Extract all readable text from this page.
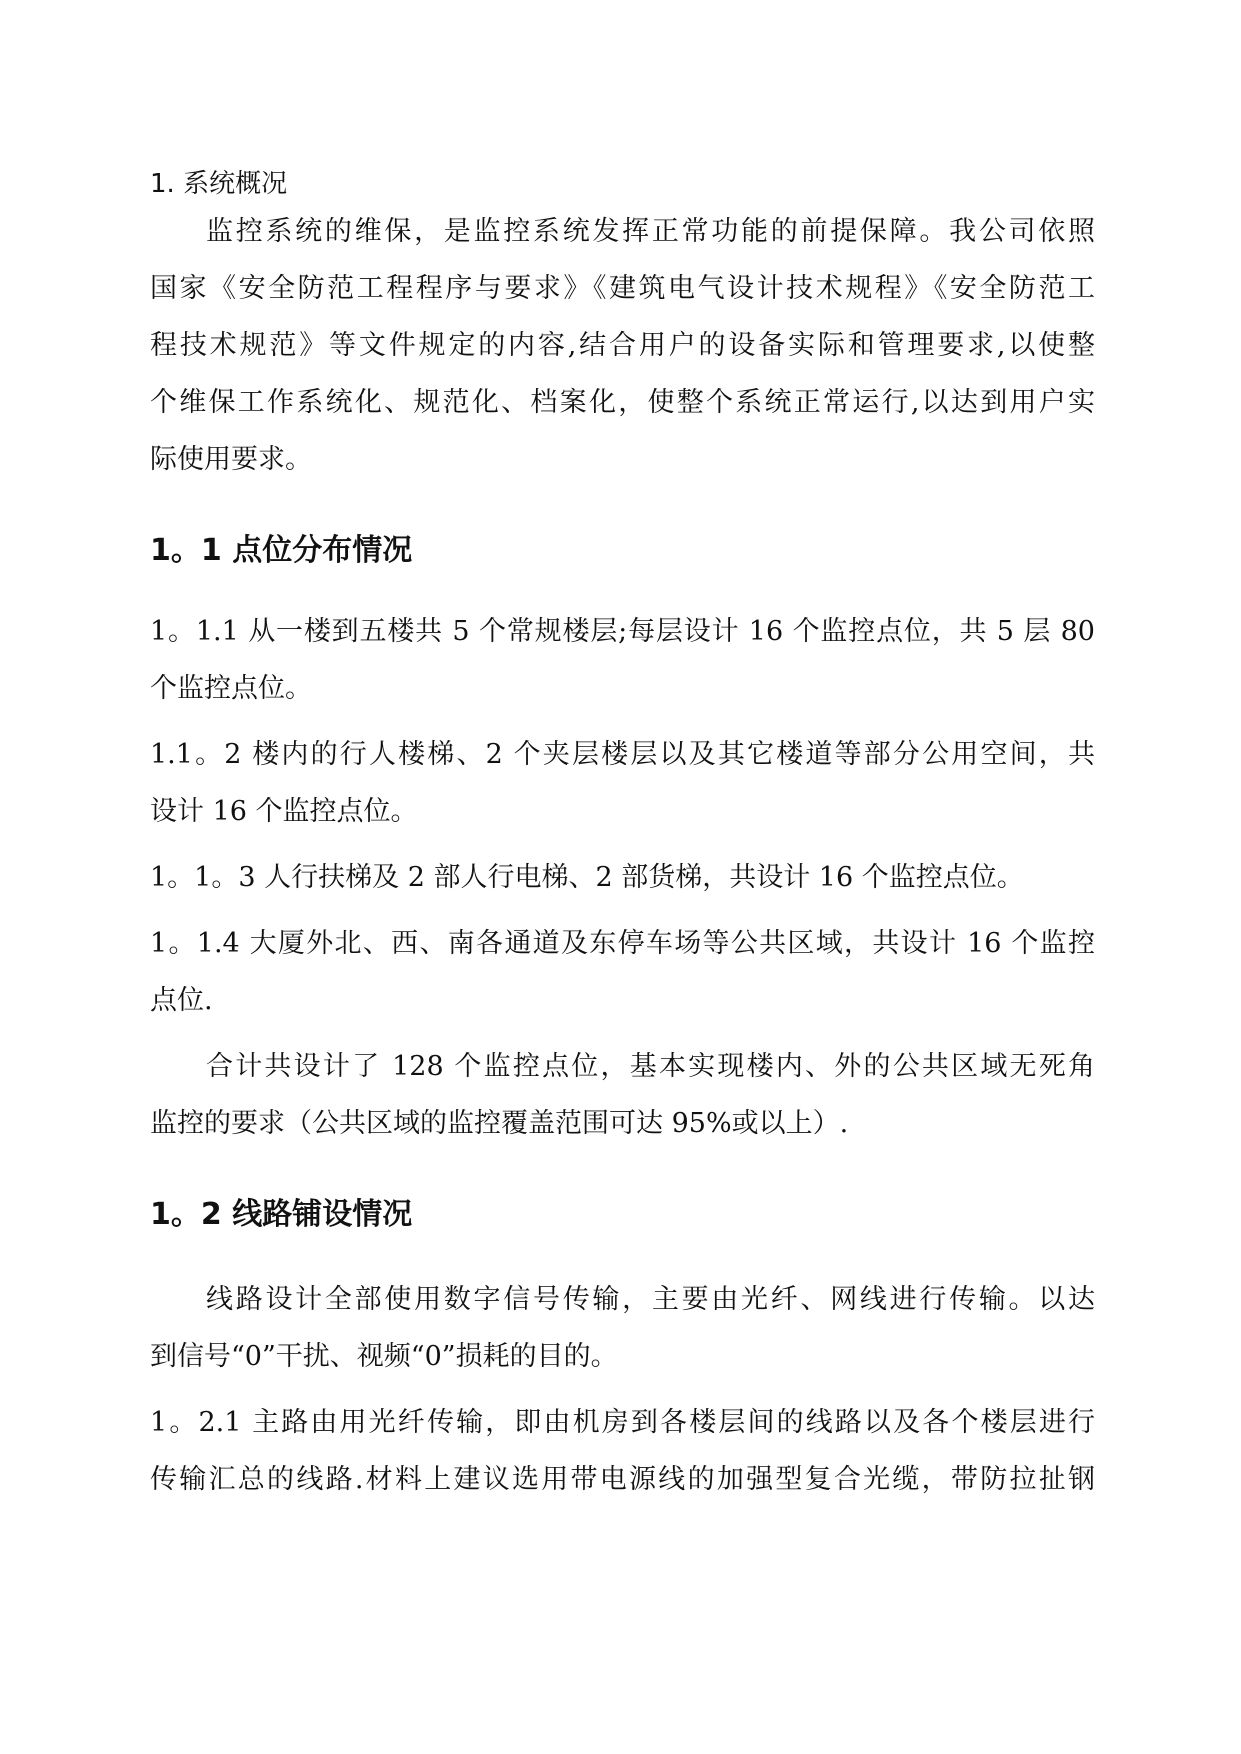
1. 系统概况
监控系统的维保，是监控系统发挥正常功能的前提保障。我公司依照
国家《安全防范工程程序与要求》《建筑电气设计技术规程》《安全防范工
程技术规范》等文件规定的内容,结合用户的设备实际和管理要求,以使整
个维保工作系统化、规范化、档案化，使整个系统正常运行,以达到用户实
际使用要求。
1。1 点位分布情况
1。1.1 从一楼到五楼共 5 个常规楼层;每层设计 16 个监控点位，共 5 层 80
个监控点位。
1.1。2 楼内的行人楼梯、2 个夹层楼层以及其它楼道等部分公用空间，共
设计 16 个监控点位。
1。1。3 人行扶梯及 2 部人行电梯、2 部货梯，共设计 16 个监控点位。
1。1.4 大厦外北、西、南各通道及东停车场等公共区域，共设计 16 个监控
点位.
合计共设计了 128 个监控点位，基本实现楼内、外的公共区域无死角
监控的要求（公共区域的监控覆盖范围可达 95%或以上）.
1。2 线路铺设情况
线路设计全部使用数字信号传输，主要由光纤、网线进行传输。以达
到信号“0”干扰、视频“0”损耗的目的。
1。2.1 主路由用光纤传输，即由机房到各楼层间的线路以及各个楼层进行
传输汇总的线路.材料上建议选用带电源线的加强型复合光缆，带防拉扯钢
